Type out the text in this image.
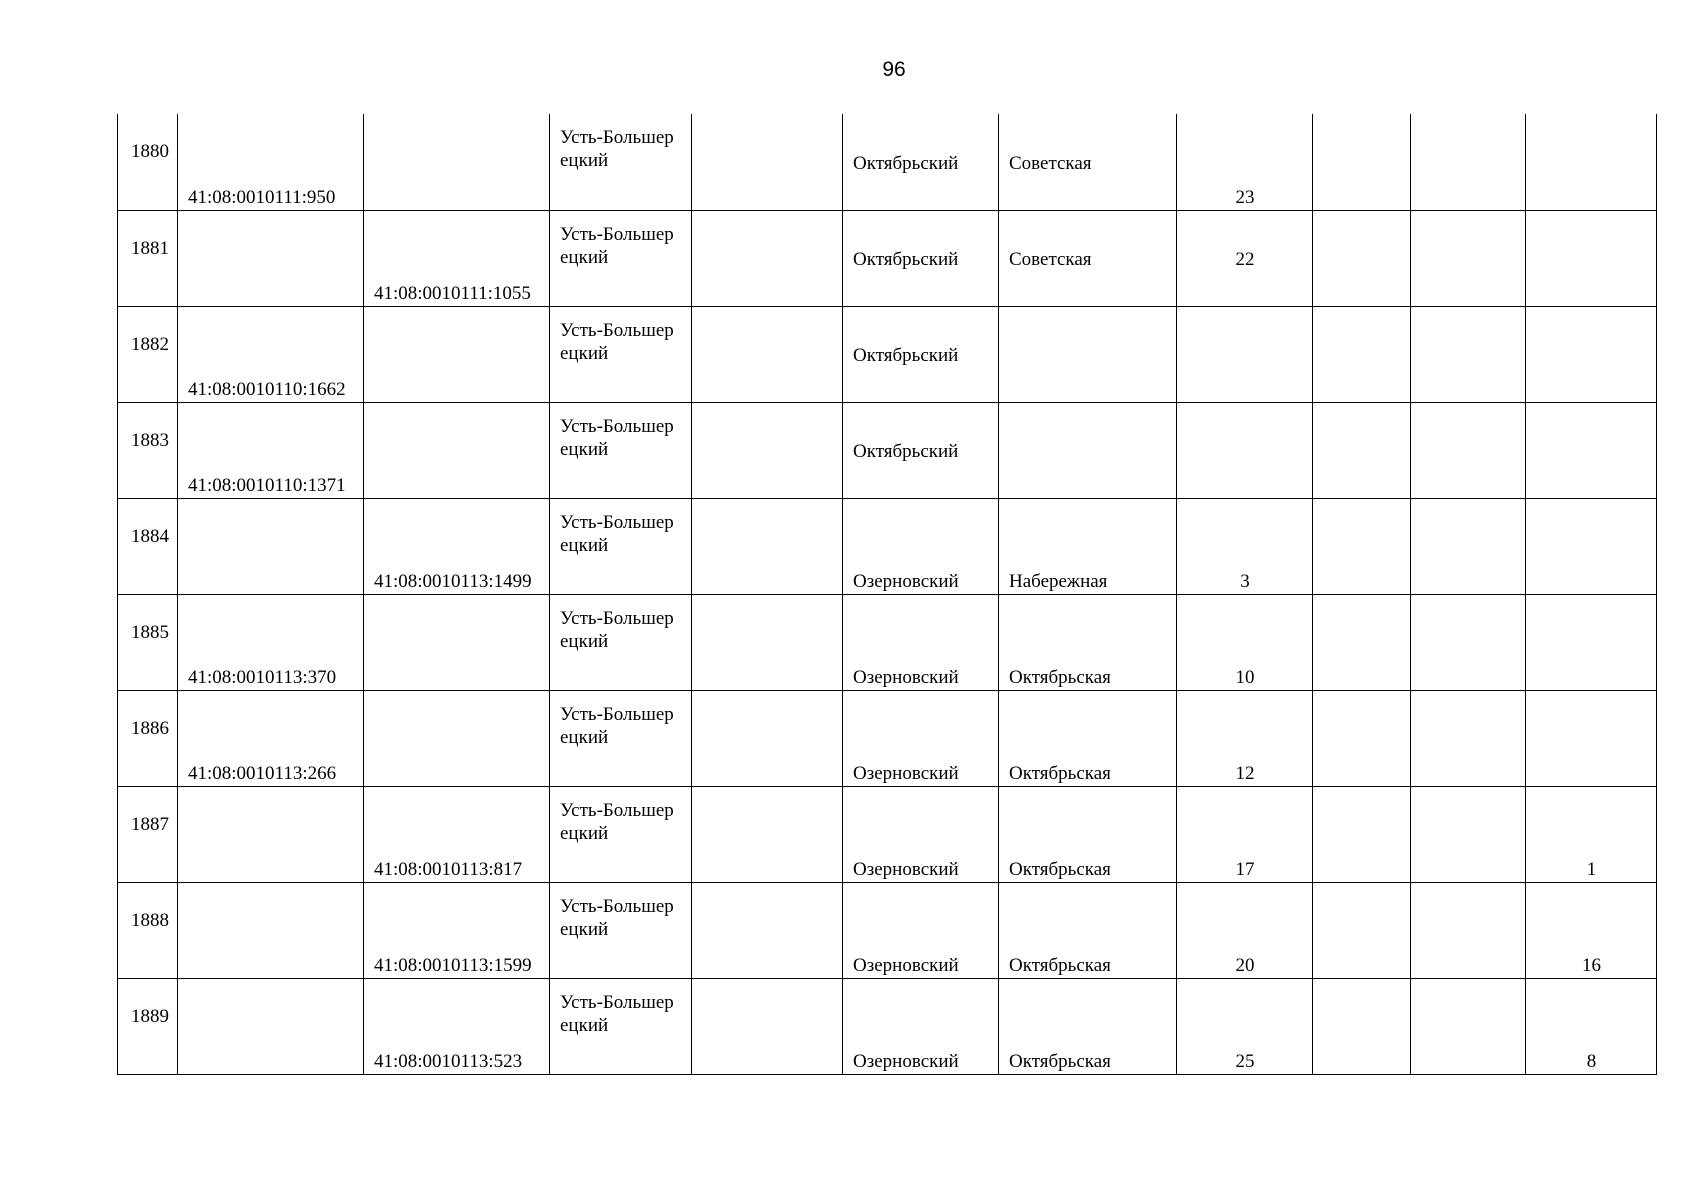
96
1880	41:08:0010111:950		Усть-Большерецкий		Октябрьский	Советская	23			
1881		41:08:0010111:1055	Усть-Большерецкий		Октябрьский	Советская	22			
1882	41:08:0010110:1662		Усть-Большерецкий		Октябрьский					
1883	41:08:0010110:1371		Усть-Большерецкий		Октябрьский					
1884		41:08:0010113:1499	Усть-Большерецкий		Озерновский	Набережная	3			
1885	41:08:0010113:370		Усть-Большерецкий		Озерновский	Октябрьская	10			
1886	41:08:0010113:266		Усть-Большерецкий		Озерновский	Октябрьская	12			
1887		41:08:0010113:817	Усть-Большерецкий		Озерновский	Октябрьская	17			1
1888		41:08:0010113:1599	Усть-Большерецкий		Озерновский	Октябрьская	20			16
1889		41:08:0010113:523	Усть-Большерецкий		Озерновский	Октябрьская	25			8
